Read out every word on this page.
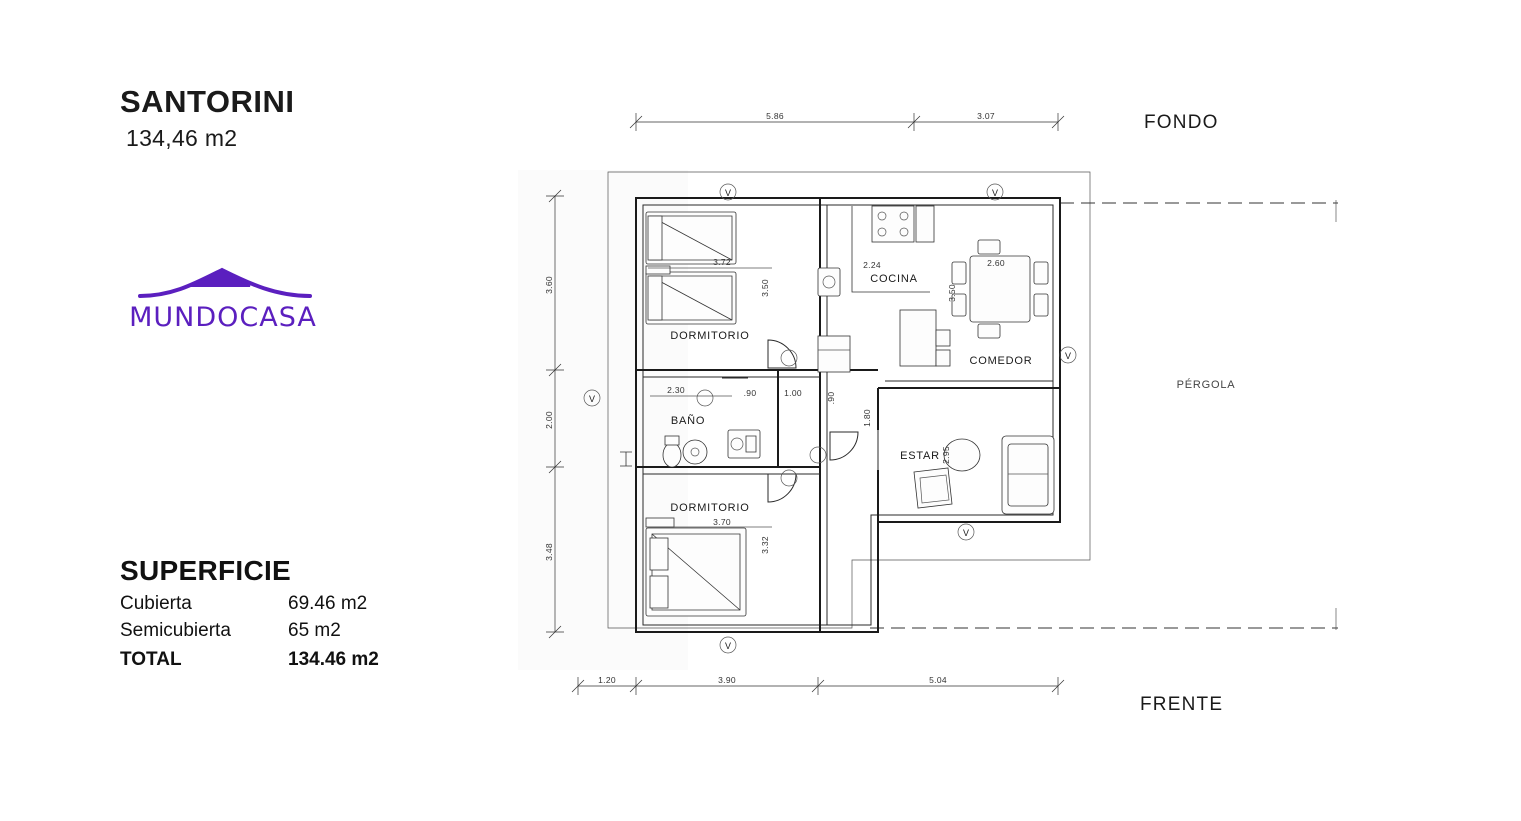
SANTORINI
134,46 m2
MUNDOCASA
SUPERFICIE
Cubierta	69.46 m2
Semicubierta	65 m2
TOTAL	134.46 m2
5.86	3.07
1.20	3.90	5.04
3.60
2.00
3.48
PÉRGOLA
V	V
V
V
V
V
3.72
3.50
2.24
3.50
2.60
2.30	.90	1.00	.90
1.80
3.70
3.32
2.95
DORMITORIO
COCINA
COMEDOR
BAÑO
ESTAR
DORMITORIO
FONDO
FRENTE
